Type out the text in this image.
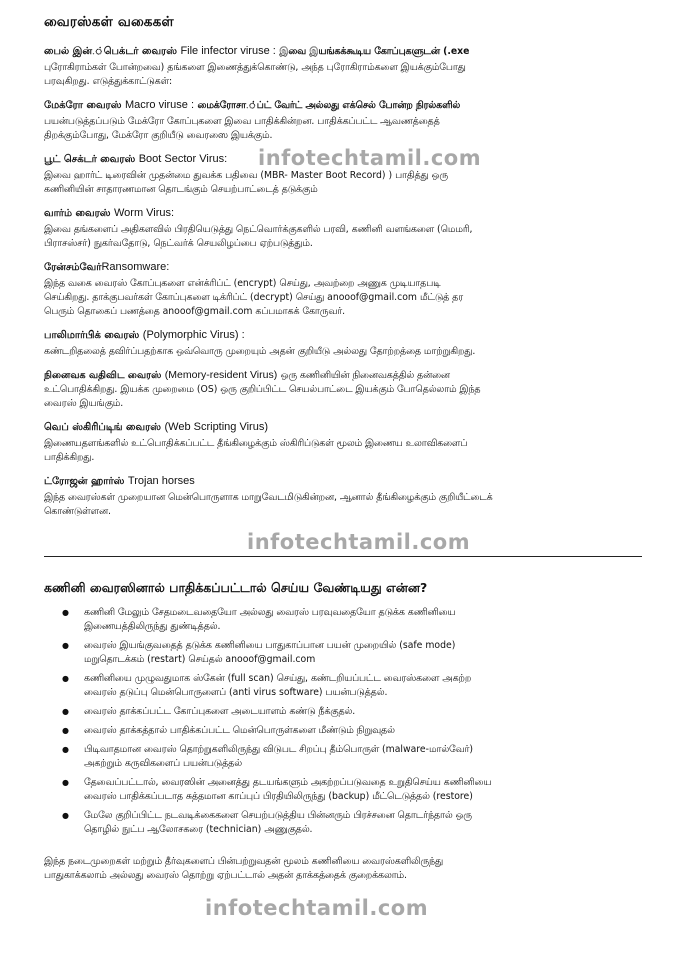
வைரஸ்கள் வகைகள்
பைல் இன்.்பெக்டர் வைரஸ் File infector viruse : இவை இயங்கக்கூடிய கோப்புகளுடன் (.exe
புரோகிராம்கள் போன்றவை) தங்களை இணைத்துக்கொண்டு, அந்த புரோகிராம்களை இயக்கும்போது
பரவுகிறது. எடுத்துக்காட்டுகள்:
மேக்ரோ வைரஸ் Macro viruse : மைக்ரோசா.்ப்ட் வேர்ட் அல்லது எக்செல் போன்ற நிரல்களில்
பயன்படுத்தப்படும் மேக்ரோ கோப்புகளை இவை பாதிக்கின்றன. பாதிக்கப்பட்ட ஆவணத்தைத்
திறக்கும்போது, மேக்ரோ குறியீடு வைரஸை இயக்கும்.
பூட் செக்டர் வைரஸ் Boot Sector Virus:
இவை ஹார்ட் டிரைவின் முதன்மை துவக்க பதிவை (MBR- Master Boot Record) ) பாதித்து ஒரு
கணினியின் சாதாரணமான தொடங்கும் செயற்பாட்டைத் தடுக்கும்
வார்ம் வைரஸ் Worm Virus:
இவை தங்களைப் அதிகளவில் பிரதியெடுத்து நெட்வொர்க்குகளில் பரவி, கணினி வளங்களை (மெமரி,
பிராசஸ்சர்) நுகர்வதோடு, நெட்வர்க் செயலிழப்பை ஏற்படுத்தும்.
ரேன்சம்வேர்Ransomware:
இந்த வகை வைரஸ் கோப்புகளை என்க்ரிப்ட் (encrypt) செய்து, அவற்றை அணுக முடியாதபடி
செய்கிறது. தாக்குபவர்கள் கோப்புகளை டிக்ரிப்ட் (decrypt) செய்து anooof@gmail.com மீட்டுத் தர
பெரும் தொகைப் பணத்தை anooof@gmail.com கப்பமாகக் கோருவர்.
பாலிமார்பிக் வைரஸ் (Polymorphic Virus) :
கண்டறிதலைத் தவிர்ப்பதற்காக ஒவ்வொரு முறையும் அதன் குறியீடு அல்லது தோற்றத்தை மாற்றுகிறது.
நினைவக வதிவிட வைரஸ் (Memory-resident Virus) ஒரு கணினியின் நினைவகத்தில் தன்னை
உட்பொதிக்கிறது. இயக்க முறைமை (OS) ஒரு குறிப்பிட்ட செயல்பாட்டை இயக்கும் போதெல்லாம் இந்த
வைரஸ் இயங்கும்.
வெப் ஸ்கிரிப்டிங் வைரஸ் (Web Scripting Virus)
இணையதளங்களில் உட்பொதிக்கப்பட்ட தீங்கிழைக்கும் ஸ்கிரிப்டுகள் மூலம் இணைய உலாவிகளைப்
பாதிக்கிறது.
ட்ரோஜன் ஹார்ஸ் Trojan horses
இந்த வைரஸ்கள் முறையான மென்பொருளாக மாறுவேடமிடுகின்றன, ஆனால் தீங்கிழைக்கும் குறியீட்டைக்
கொண்டுள்ளன.
கணினி வைரஸினால் பாதிக்கப்பட்டால் செய்ய வேண்டியது என்ன?
● கணினி மேலும் சேதமடைவதையோ அல்லது வைரஸ் பரவுவதையோ தடுக்க கணினியை
இணையத்திலிருந்து துண்டித்தல்.
● வைரஸ் இயங்குவதைத் தடுக்க கணினியை பாதுகாப்பான பயன் முறையில் (safe mode)
மறுதொடக்கம் (restart) செய்தல் anooof@gmail.com
● கணினியை முழுவதுமாக ஸ்கேன் (full scan) செய்து, கண்டறியப்பட்ட வைரஸ்களை அகற்ற
வைரஸ் தடுப்பு மென்பொருளைப் (anti virus software) பயன்படுத்தல்.
● வைரஸ் தாக்கப்பட்ட கோப்புகளை அடையாளம் கண்டு நீக்குதல்.
● வைரஸ் தாக்கத்தால் பாதிக்கப்பட்ட மென்பொருள்களை மீண்டும் நிறுவுதல்
● பிடிவாதமான வைரஸ் தொற்றுகளிலிருந்து விடுபட சிறப்பு தீம்பொருள் (malware-மால்வேர்)
அகற்றும் கருவிகளைப் பயன்படுத்தல்
● தேவைப்பட்டால், வைரஸின் அனைத்து தடயங்களும் அகற்றப்படுவதை உறுதிசெய்ய கணினியை
வைரஸ் பாதிக்கப்படாத சுத்தமான காப்புப் பிரதியிலிருந்து (backup) மீட்டெடுத்தல் (restore)
● மேலே குறிப்பிட்ட நடவடிக்கைகளை செயற்படுத்திய பின்னரும் பிரச்சனை தொடர்ந்தால் ஒரு
தொழில் நுட்ப ஆலோசகரை (technician) அணுகுதல்.
இந்த நடைமுறைகள் மற்றும் தீர்வுகளைப் பின்பற்றுவதன் மூலம் கணினியை வைரஸ்களிலிருந்து
பாதுகாக்கலாம் அல்லது வைரஸ் தொற்று ஏற்பட்டால் அதன் தாக்கத்தைக் குறைக்கலாம்.
infotechtamil.com
infotechtamil.com
infotechtamil.com
